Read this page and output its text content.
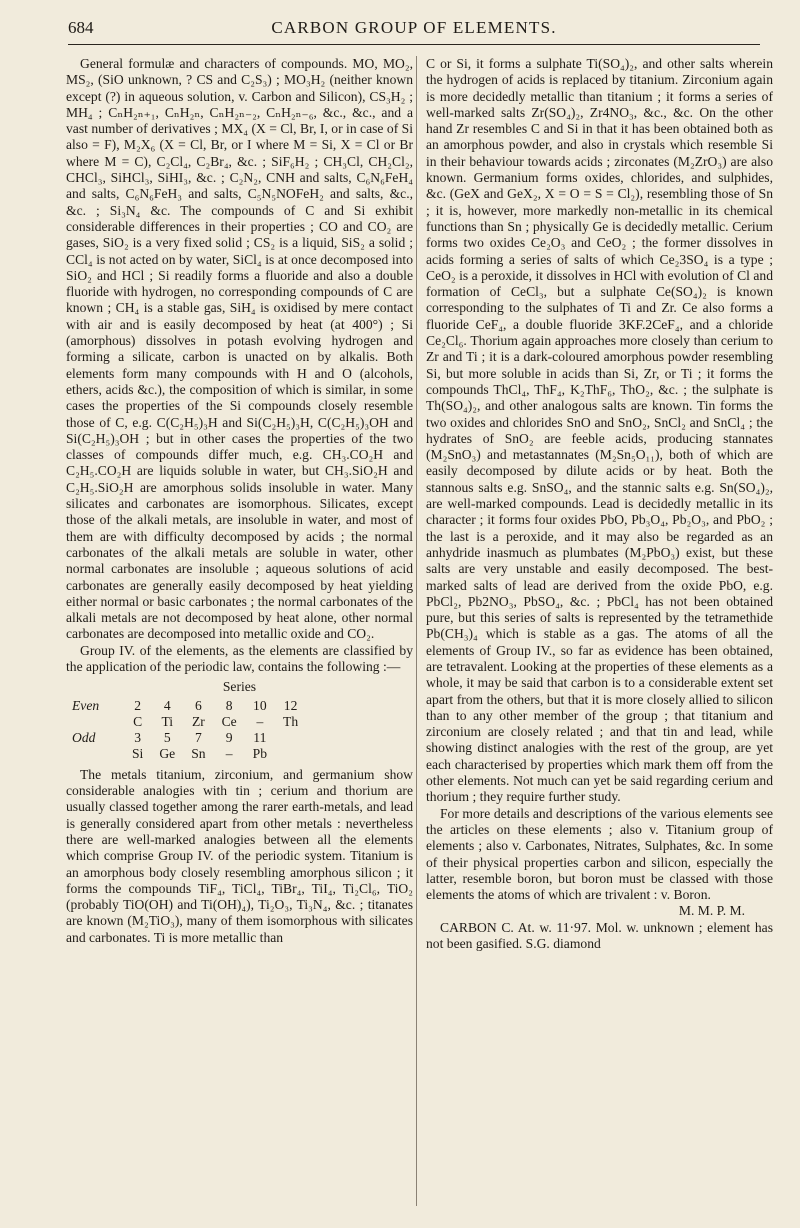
684	CARBON GROUP OF ELEMENTS.

General formulæ and characters of compounds. MO, MO₂, MS₂, (SiO unknown, ? CS and C₂S₃) ; MO₃H₂ (neither known except (?) in aqueous solution, v. Carbon and Silicon), CS₃H₂ ; MH₄ ; CₙH₂ₙ₊₁, CₙH₂ₙ, CₙH₂ₙ₋₂, CₙH₂ₙ₋₆, &c., &c., and a vast number of derivatives ; MX₄ (X = Cl, Br, I, or in case of Si also = F), M₂X₆ (X = Cl, Br, or I where M = Si, X = Cl or Br where M = C), C₂Cl₄, C₂Br₄, &c. ; SiF₆H₂ ; CH₃Cl, CH₂Cl₂, CHCl₃, SiHCl₃, SiHI₃, &c. ; C₂N₂, CNH and salts, C₆N₆FeH₄ and salts, C₆N₆FeH₃ and salts, C₅N₅NOFeH₂ and salts, &c., &c. ; Si₃N₄ &c. The compounds of C and Si exhibit considerable differences in their properties ; CO and CO₂ are gases, SiO₂ is a very fixed solid ; CS₂ is a liquid, SiS₂ a solid ; CCl₄ is not acted on by water, SiCl₄ is at once decomposed into SiO₂ and HCl ; Si readily forms a fluoride and also a double fluoride with hydrogen, no corresponding compounds of C are known ; CH₄ is a stable gas, SiH₄ is oxidised by mere contact with air and is easily decomposed by heat (at 400°) ; Si (amorphous) dissolves in potash evolving hydrogen and forming a silicate, carbon is unacted on by alkalis. Both elements form many compounds with H and O (alcohols, ethers, acids &c.), the composition of which is similar, in some cases the properties of the Si compounds closely resemble those of C, e.g. C(C₂H₅)₃H and Si(C₂H₅)₃H, C(C₂H₅)₃OH and Si(C₂H₅)₃OH ; but in other cases the properties of the two classes of compounds differ much, e.g. CH₃.CO₂H and C₂H₅.CO₂H are liquids soluble in water, but CH₃.SiO₂H and C₂H₅.SiO₂H are amorphous solids insoluble in water. Many silicates and carbonates are isomorphous. Silicates, except those of the alkali metals, are insoluble in water, and most of them are with difficulty decomposed by acids ; the normal carbonates of the alkali metals are soluble in water, other normal carbonates are insoluble ; aqueous solutions of acid carbonates are generally easily decomposed by heat yielding either normal or basic carbonates ; the normal carbonates of the alkali metals are not decomposed by heat alone, other normal carbonates are decomposed into metallic oxide and CO₂.

Group IV. of the elements, as the elements are classified by the application of the periodic law, contains the following :—

Series

Even	2	4	6	8	10	12
	C	Ti	Zr	Ce	–	Th
Odd	3	5	7	9	11	
	Si	Ge	Sn	–	Pb	

The metals titanium, zirconium, and germanium show considerable analogies with tin ; cerium and thorium are usually classed together among the rarer earth-metals, and lead is generally considered apart from other metals : nevertheless there are well-marked analogies between all the elements which comprise Group IV. of the periodic system. Titanium is an amorphous body closely resembling amorphous silicon ; it forms the compounds TiF₄, TiCl₄, TiBr₄, TiI₄, Ti₂Cl₆, TiO₂ (probably TiO(OH) and Ti(OH)₄), Ti₂O₃, Ti₃N₄, &c. ; titanates are known (M₂TiO₃), many of them isomorphous with silicates and carbonates. Ti is more metallic than

C or Si, it forms a sulphate Ti(SO₄)₂, and other salts wherein the hydrogen of acids is replaced by titanium. Zirconium again is more decidedly metallic than titanium ; it forms a series of well-marked salts Zr(SO₄)₂, Zr4NO₃, &c., &c. On the other hand Zr resembles C and Si in that it has been obtained both as an amorphous powder, and also in crystals which resemble Si in their behaviour towards acids ; zirconates (M₂ZrO₃) are also known. Germanium forms oxides, chlorides, and sulphides, &c. (GeX and GeX₂, X = O = S = Cl₂), resembling those of Sn ; it is, however, more markedly non-metallic in its chemical functions than Sn ; physically Ge is decidedly metallic. Cerium forms two oxides Ce₂O₃ and CeO₂ ; the former dissolves in acids forming a series of salts of which Ce₂3SO₄ is a type ; CeO₂ is a peroxide, it dissolves in HCl with evolution of Cl and formation of CeCl₃, but a sulphate Ce(SO₄)₂ is known corresponding to the sulphates of Ti and Zr. Ce also forms a fluoride CeF₄, a double fluoride 3KF.2CeF₄, and a chloride Ce₂Cl₆. Thorium again approaches more closely than cerium to Zr and Ti ; it is a dark-coloured amorphous powder resembling Si, but more soluble in acids than Si, Zr, or Ti ; it forms the compounds ThCl₄, ThF₄, K₂ThF₆, ThO₂, &c. ; the sulphate is Th(SO₄)₂, and other analogous salts are known. Tin forms the two oxides and chlorides SnO and SnO₂, SnCl₂ and SnCl₄ ; the hydrates of SnO₂ are feeble acids, producing stannates (M₂SnO₃) and metastannates (M₂Sn₅O₁₁), both of which are easily decomposed by dilute acids or by heat. Both the stannous salts e.g. SnSO₄, and the stannic salts e.g. Sn(SO₄)₂, are well-marked compounds. Lead is decidedly metallic in its character ; it forms four oxides PbO, Pb₃O₄, Pb₂O₃, and PbO₂ ; the last is a peroxide, and it may also be regarded as an anhydride inasmuch as plumbates (M₂PbO₃) exist, but these salts are very unstable and easily decomposed. The best-marked salts of lead are derived from the oxide PbO, e.g. PbCl₂, Pb2NO₃, PbSO₄, &c. ; PbCl₄ has not been obtained pure, but this series of salts is represented by the tetramethide Pb(CH₃)₄ which is stable as a gas. The atoms of all the elements of Group IV., so far as evidence has been obtained, are tetravalent. Looking at the properties of these elements as a whole, it may be said that carbon is to a considerable extent set apart from the others, but that it is more closely allied to silicon than to any other member of the group ; that titanium and zirconium are closely related ; and that tin and lead, while showing distinct analogies with the rest of the group, are yet each characterised by properties which mark them off from the other elements. Not much can yet be said regarding cerium and thorium ; they require further study.

For more details and descriptions of the various elements see the articles on these elements ; also v. Titanium group of elements ; also v. Carbonates, Nitrates, Sulphates, &c. In some of their physical properties carbon and silicon, especially the latter, resemble boron, but boron must be classed with those elements the atoms of which are trivalent : v. Boron.

M. M. P. M.

CARBON C. At. w. 11·97. Mol. w. unknown ; element has not been gasified. S.G. diamond
